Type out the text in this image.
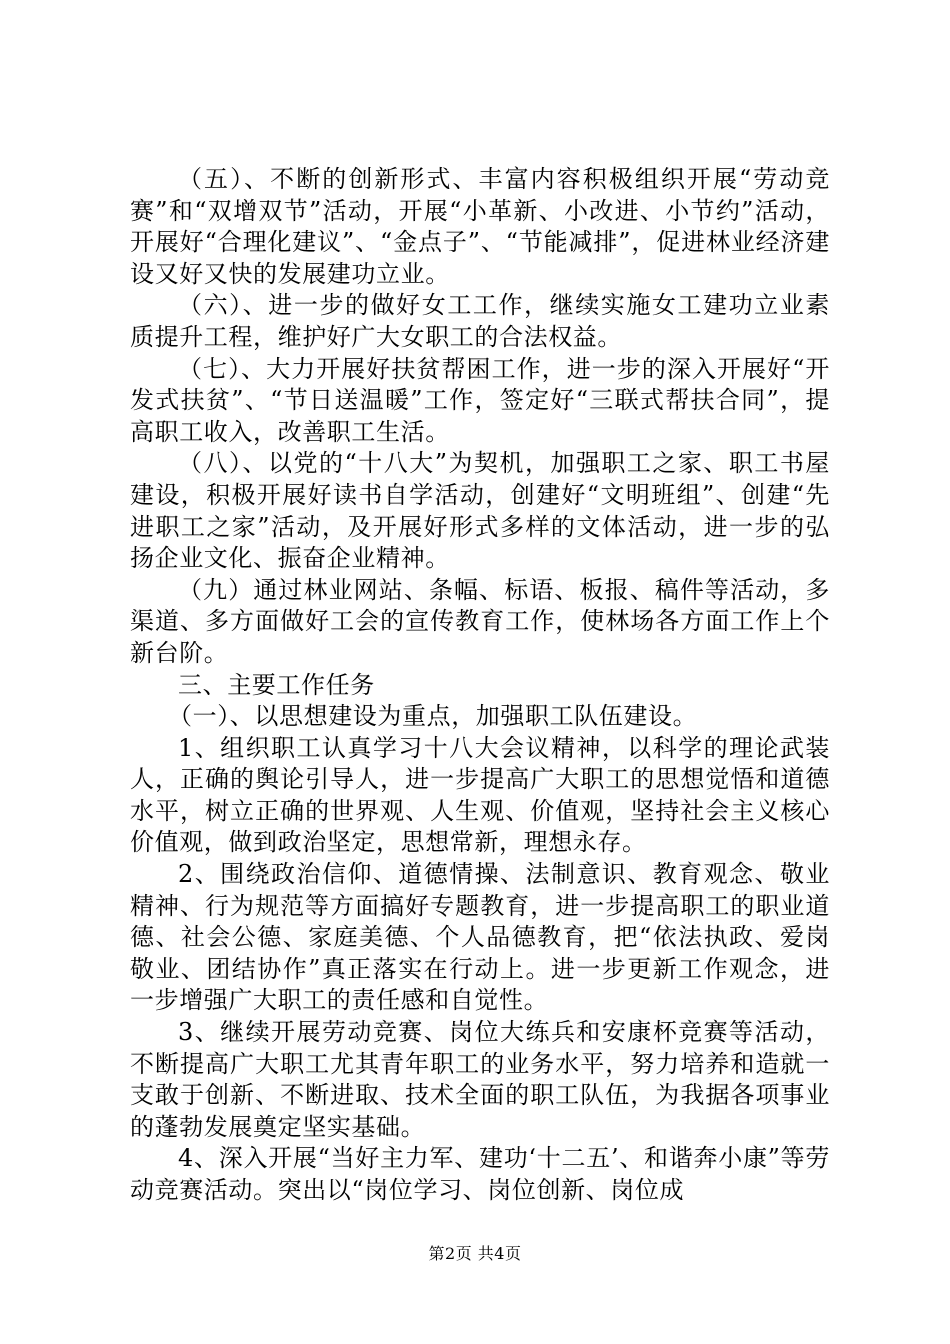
（五）、不断的创新形式、丰富内容积极组织开展“劳动竞赛”和“双增双节”活动，开展“小革新、小改进、小节约”活动，开展好“合理化建议”、“金点子”、“节能减排”，促进林业经济建设又好又快的发展建功立业。

（六）、进一步的做好女工工作，继续实施女工建功立业素质提升工程，维护好广大女职工的合法权益。

（七）、大力开展好扶贫帮困工作，进一步的深入开展好“开发式扶贫”、“节日送温暖”工作，签定好“三联式帮扶合同”，提高职工收入，改善职工生活。

（八）、以党的“十八大”为契机，加强职工之家、职工书屋建设，积极开展好读书自学活动，创建好“文明班组”、创建“先进职工之家”活动，及开展好形式多样的文体活动，进一步的弘扬企业文化、振奋企业精神。

（九）通过林业网站、条幅、标语、板报、稿件等活动，多渠道、多方面做好工会的宣传教育工作，使林场各方面工作上个新台阶。

三、主要工作任务

（一）、以思想建设为重点，加强职工队伍建设。

1、组织职工认真学习十八大会议精神，以科学的理论武装人，正确的舆论引导人，进一步提高广大职工的思想觉悟和道德水平，树立正确的世界观、人生观、价值观，坚持社会主义核心价值观，做到政治坚定，思想常新，理想永存。

2、围绕政治信仰、道德情操、法制意识、教育观念、敬业精神、行为规范等方面搞好专题教育，进一步提高职工的职业道德、社会公德、家庭美德、个人品德教育，把“依法执政、爱岗敬业、团结协作”真正落实在行动上。进一步更新工作观念，进一步增强广大职工的责任感和自觉性。

3、继续开展劳动竞赛、岗位大练兵和安康杯竞赛等活动，不断提高广大职工尤其青年职工的业务水平，努力培养和造就一支敢于创新、不断进取、技术全面的职工队伍，为我据各项事业的蓬勃发展奠定坚实基础。

4、深入开展“当好主力军、建功‘十二五’、和谐奔小康”等劳动竞赛活动。突出以“岗位学习、岗位创新、岗位成

第2页 共4页
